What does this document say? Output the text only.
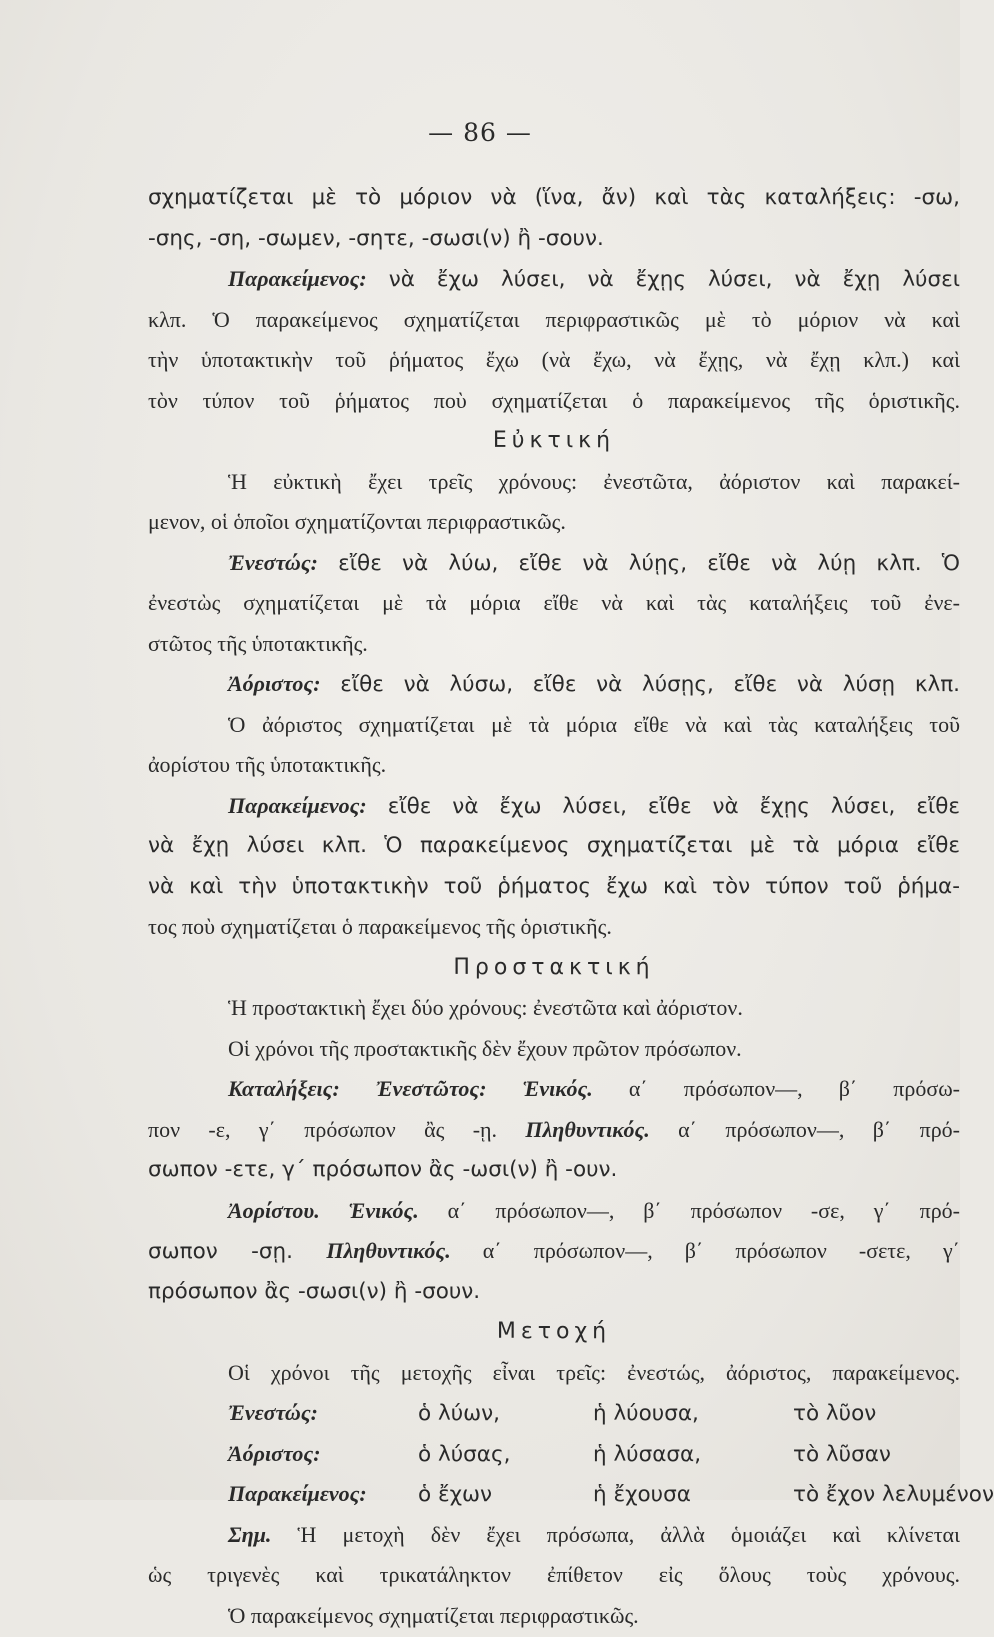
— 86 —
σχηματίζεται μὲ τὸ μόριον νὰ (ἵνα, ἄν) καὶ τὰς καταλήξεις: -σω,
-σης, -ση, -σωμεν, -σητε, -σωσι(ν) ἢ -σουν.
Παρακείμενος: νὰ ἔχω λύσει, νὰ ἔχῃς λύσει, νὰ ἔχῃ λύσει
κλπ. Ὁ παρακείμενος σχηματίζεται περιφραστικῶς μὲ τὸ μόριον νὰ καὶ
τὴν ὑποτακτικὴν τοῦ ῥήματος ἔχω (νὰ ἔχω, νὰ ἔχῃς, νὰ ἔχῃ κλπ.) καὶ
τὸν τύπον τοῦ ῥήματος ποὺ σχηματίζεται ὁ παρακείμενος τῆς ὁριστικῆς.
Εὐκτική
Ἡ εὐκτικὴ ἔχει τρεῖς χρόνους: ἐνεστῶτα, ἀόριστον καὶ παρακεί-
μενον, οἱ ὁποῖοι σχηματίζονται περιφραστικῶς.
Ἐνεστώς: εἴθε νὰ λύω, εἴθε νὰ λύῃς, εἴθε νὰ λύῃ κλπ. Ὁ
ἐνεστὼς σχηματίζεται μὲ τὰ μόρια εἴθε νὰ καὶ τὰς καταλήξεις τοῦ ἐνε-
στῶτος τῆς ὑποτακτικῆς.
Ἀόριστος: εἴθε νὰ λύσω, εἴθε νὰ λύσῃς, εἴθε νὰ λύσῃ κλπ.
Ὁ ἀόριστος σχηματίζεται μὲ τὰ μόρια εἴθε νὰ καὶ τὰς καταλήξεις τοῦ
ἀορίστου τῆς ὑποτακτικῆς.
Παρακείμενος: εἴθε νὰ ἔχω λύσει, εἴθε νὰ ἔχῃς λύσει, εἴθε
νὰ ἔχῃ λύσει κλπ. Ὁ παρακείμενος σχηματίζεται μὲ τὰ μόρια εἴθε
νὰ καὶ τὴν ὑποτακτικὴν τοῦ ῥήματος ἔχω καὶ τὸν τύπον τοῦ ῥήμα-
τος ποὺ σχηματίζεται ὁ παρακείμενος τῆς ὁριστικῆς.
Προστακτική
Ἡ προστακτικὴ ἔχει δύο χρόνους: ἐνεστῶτα καὶ ἀόριστον.
Οἱ χρόνοι τῆς προστακτικῆς δὲν ἔχουν πρῶτον πρόσωπον.
Καταλήξεις: Ἐνεστῶτος: Ἑνικός. α΄ πρόσωπον—, β΄ πρόσω-
πον -ε, γ΄ πρόσωπον ἂς -ῃ. Πληθυντικός. α΄ πρόσωπον—, β΄ πρό-
σωπον -ετε, γ΄ πρόσωπον ἂς -ωσι(ν) ἢ -ουν.
Ἀορίστου. Ἑνικός. α΄ πρόσωπον—, β΄ πρόσωπον -σε, γ΄ πρό-
σωπον -σῃ. Πληθυντικός. α΄ πρόσωπον—, β΄ πρόσωπον -σετε, γ΄
πρόσωπον ἂς -σωσι(ν) ἢ -σουν.
Μετοχή
Οἱ χρόνοι τῆς μετοχῆς εἶναι τρεῖς: ἐνεστώς, ἀόριστος, παρακείμενος.
Ἐνεστώς:	ὁ λύων,	ἡ λύουσα,	τὸ λῦον
Ἀόριστος:	ὁ λύσας,	ἡ λύσασα,	τὸ λῦσαν
Παρακείμενος: ὁ ἔχων	ἡ ἔχουσα	τὸ ἔχον λελυμένον
Σημ. Ἡ μετοχὴ δὲν ἔχει πρόσωπα, ἀλλὰ ὁμοιάζει καὶ κλίνεται
ὡς τριγενὲς καὶ τρικατάληκτον ἐπίθετον εἰς ὅλους τοὺς χρόνους.
Ὁ παρακείμενος σχηματίζεται περιφραστικῶς.
